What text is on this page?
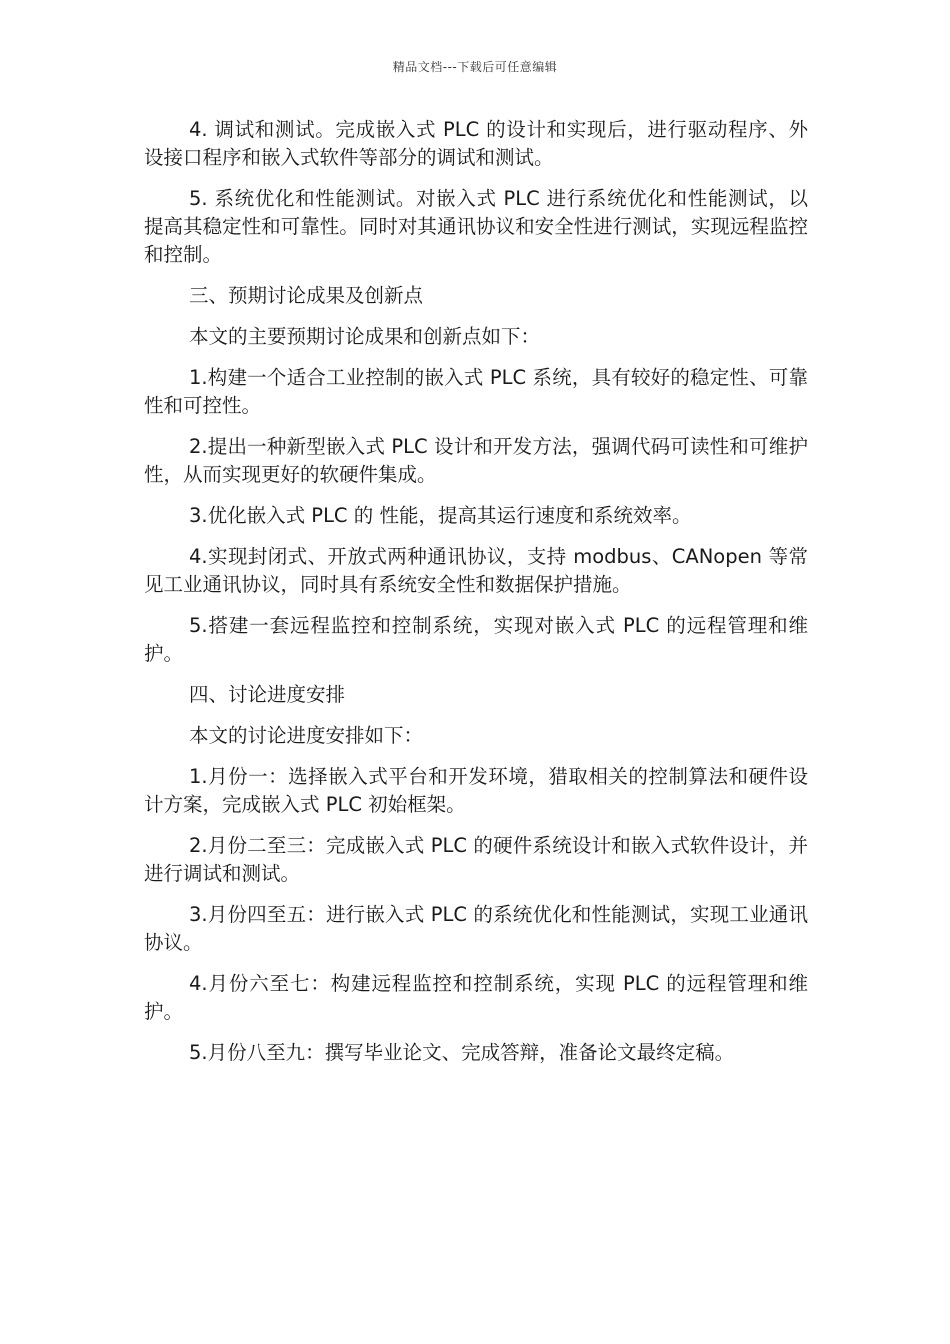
精品文档---下载后可任意编辑

4. 调试和测试。完成嵌入式 PLC 的设计和实现后，进行驱动程序、外设接口程序和嵌入式软件等部分的调试和测试。

5. 系统优化和性能测试。对嵌入式 PLC 进行系统优化和性能测试，以提高其稳定性和可靠性。同时对其通讯协议和安全性进行测试，实现远程监控和控制。

三、预期讨论成果及创新点

本文的主要预期讨论成果和创新点如下：

1.构建一个适合工业控制的嵌入式 PLC 系统，具有较好的稳定性、可靠性和可控性。

2.提出一种新型嵌入式 PLC 设计和开发方法，强调代码可读性和可维护性，从而实现更好的软硬件集成。

3.优化嵌入式 PLC 的 性能，提高其运行速度和系统效率。

4.实现封闭式、开放式两种通讯协议，支持 modbus、CANopen 等常见工业通讯协议，同时具有系统安全性和数据保护措施。

5.搭建一套远程监控和控制系统，实现对嵌入式 PLC 的远程管理和维护。

四、讨论进度安排

本文的讨论进度安排如下：

1.月份一：选择嵌入式平台和开发环境，猎取相关的控制算法和硬件设计方案，完成嵌入式 PLC 初始框架。

2.月份二至三：完成嵌入式 PLC 的硬件系统设计和嵌入式软件设计，并进行调试和测试。

3.月份四至五：进行嵌入式 PLC 的系统优化和性能测试，实现工业通讯协议。

4.月份六至七：构建远程监控和控制系统，实现 PLC 的远程管理和维护。

5.月份八至九：撰写毕业论文、完成答辩，准备论文最终定稿。
